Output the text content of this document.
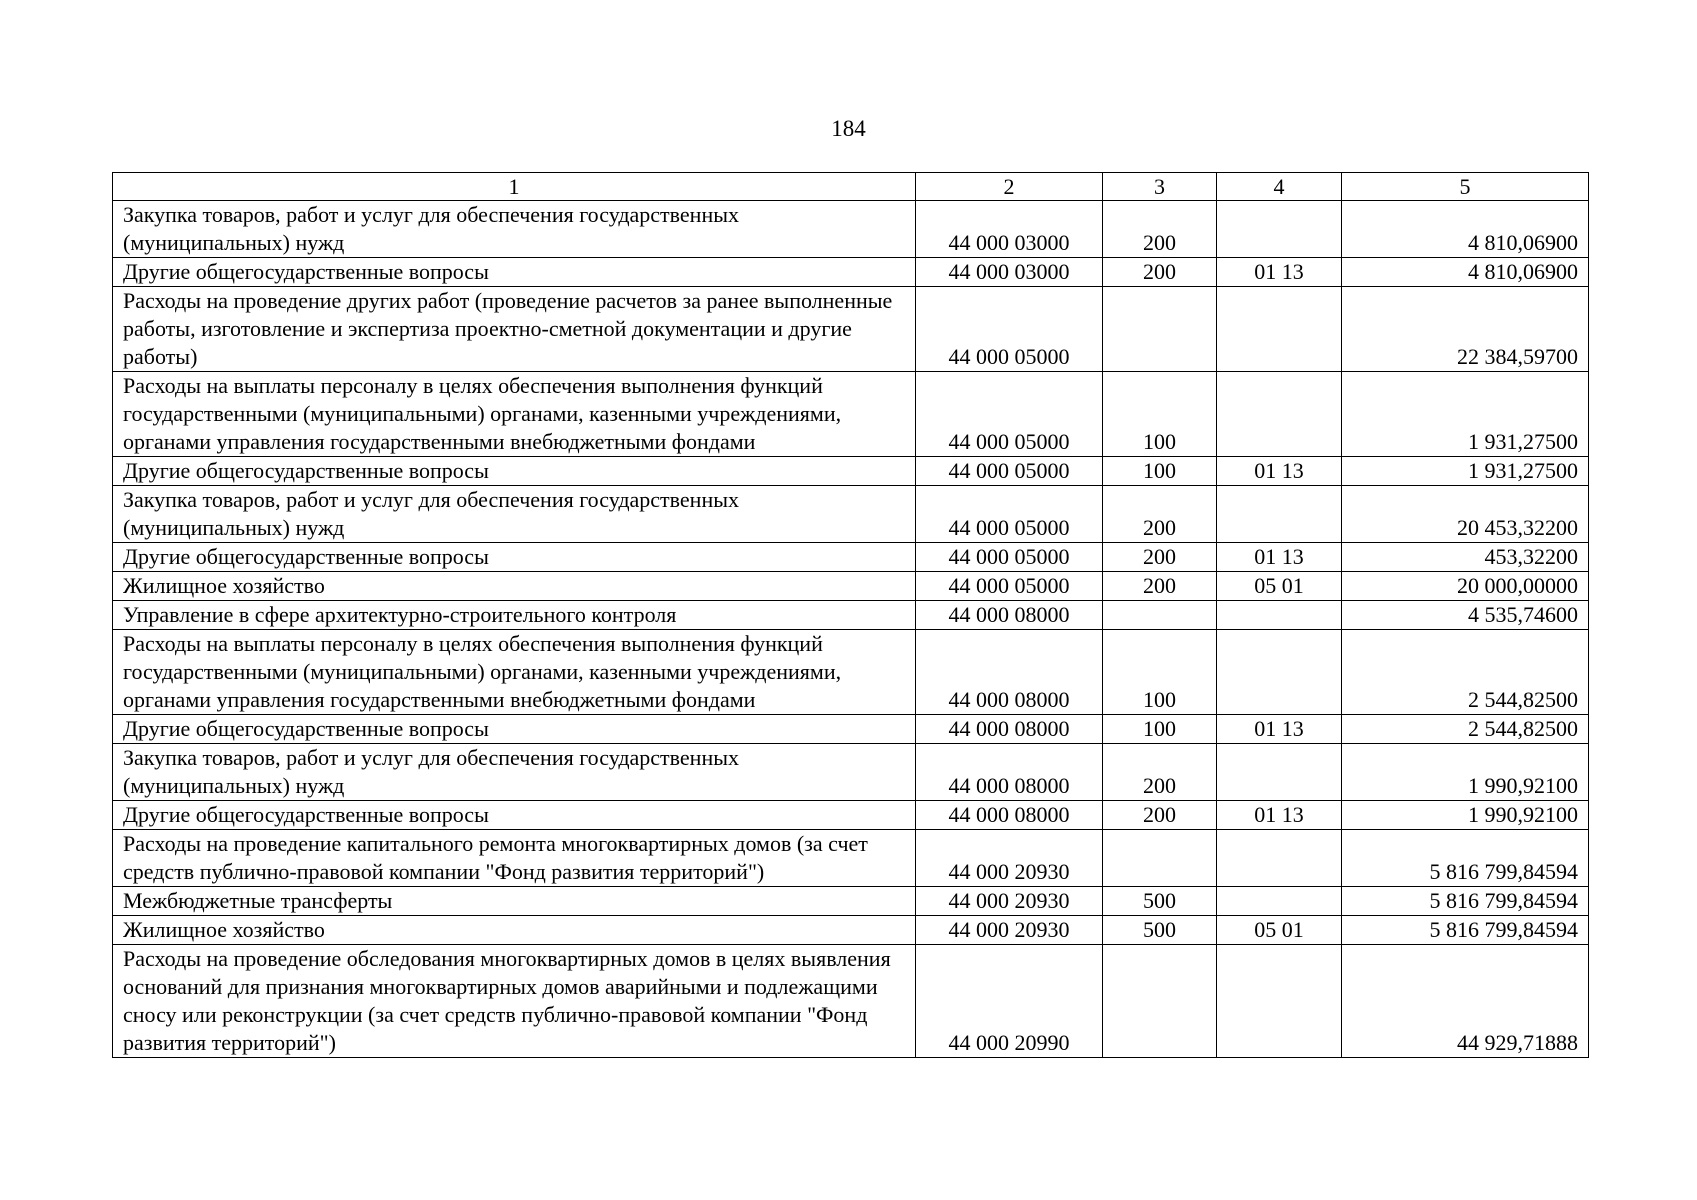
184
1	2	3	4	5
Закупка товаров, работ и услуг для обеспечения государственных (муниципальных) нужд	44 000 03000	200		4 810,06900
Другие общегосударственные вопросы	44 000 03000	200	01 13	4 810,06900
Расходы на проведение других работ (проведение расчетов за ранее выполненные работы, изготовление и экспертиза проектно-сметной документации и другие работы)	44 000 05000			22 384,59700
Расходы на выплаты персоналу в целях обеспечения выполнения функций государственными (муниципальными) органами, казенными учреждениями, органами управления государственными внебюджетными фондами	44 000 05000	100		1 931,27500
Другие общегосударственные вопросы	44 000 05000	100	01 13	1 931,27500
Закупка товаров, работ и услуг для обеспечения государственных (муниципальных) нужд	44 000 05000	200		20 453,32200
Другие общегосударственные вопросы	44 000 05000	200	01 13	453,32200
Жилищное хозяйство	44 000 05000	200	05 01	20 000,00000
Управление в сфере архитектурно-строительного контроля	44 000 08000			4 535,74600
Расходы на выплаты персоналу в целях обеспечения выполнения функций государственными (муниципальными) органами, казенными учреждениями, органами управления государственными внебюджетными фондами	44 000 08000	100		2 544,82500
Другие общегосударственные вопросы	44 000 08000	100	01 13	2 544,82500
Закупка товаров, работ и услуг для обеспечения государственных (муниципальных) нужд	44 000 08000	200		1 990,92100
Другие общегосударственные вопросы	44 000 08000	200	01 13	1 990,92100
Расходы на проведение капитального ремонта многоквартирных домов (за счет средств публично-правовой компании "Фонд развития территорий")	44 000 20930			5 816 799,84594
Межбюджетные трансферты	44 000 20930	500		5 816 799,84594
Жилищное хозяйство	44 000 20930	500	05 01	5 816 799,84594
Расходы на проведение обследования многоквартирных домов в целях выявления оснований для признания многоквартирных домов аварийными и подлежащими сносу или реконструкции (за счет средств публично-правовой компании "Фонд развития территорий")	44 000 20990			44 929,71888
